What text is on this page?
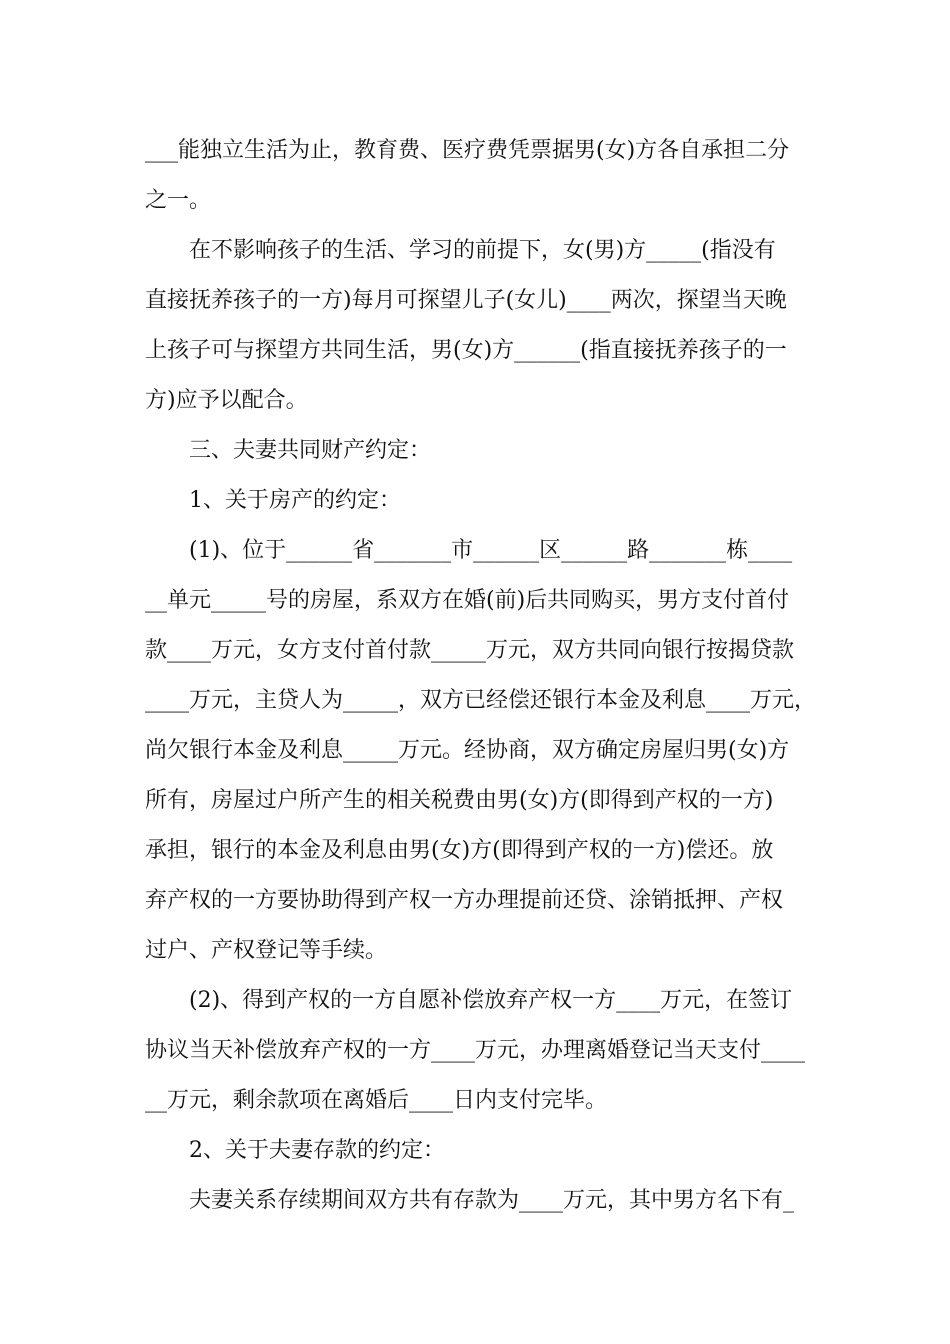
___能独立生活为止，教育费、医疗费凭票据男(女)方各自承担二分
之一。
　　在不影响孩子的生活、学习的前提下，女(男)方_____(指没有
直接抚养孩子的一方)每月可探望儿子(女儿)____两次，探望当天晚
上孩子可与探望方共同生活，男(女)方______(指直接抚养孩子的一
方)应予以配合。
　　三、夫妻共同财产约定：
　　1、关于房产的约定：
　　(1)、位于______省_______市______区______路_______栋____
__单元_____号的房屋，系双方在婚(前)后共同购买，男方支付首付
款____万元，女方支付首付款_____万元，双方共同向银行按揭贷款
____万元，主贷人为_____，双方已经偿还银行本金及利息____万元，
尚欠银行本金及利息_____万元。经协商，双方确定房屋归男(女)方
所有，房屋过户所产生的相关税费由男(女)方(即得到产权的一方)
承担，银行的本金及利息由男(女)方(即得到产权的一方)偿还。放
弃产权的一方要协助得到产权一方办理提前还贷、涂销抵押、产权
过户、产权登记等手续。
　　(2)、得到产权的一方自愿补偿放弃产权一方____万元，在签订
协议当天补偿放弃产权的一方____万元，办理离婚登记当天支付____
__万元，剩余款项在离婚后____日内支付完毕。
　　2、关于夫妻存款的约定：
　　夫妻关系存续期间双方共有存款为____万元，其中男方名下有_
